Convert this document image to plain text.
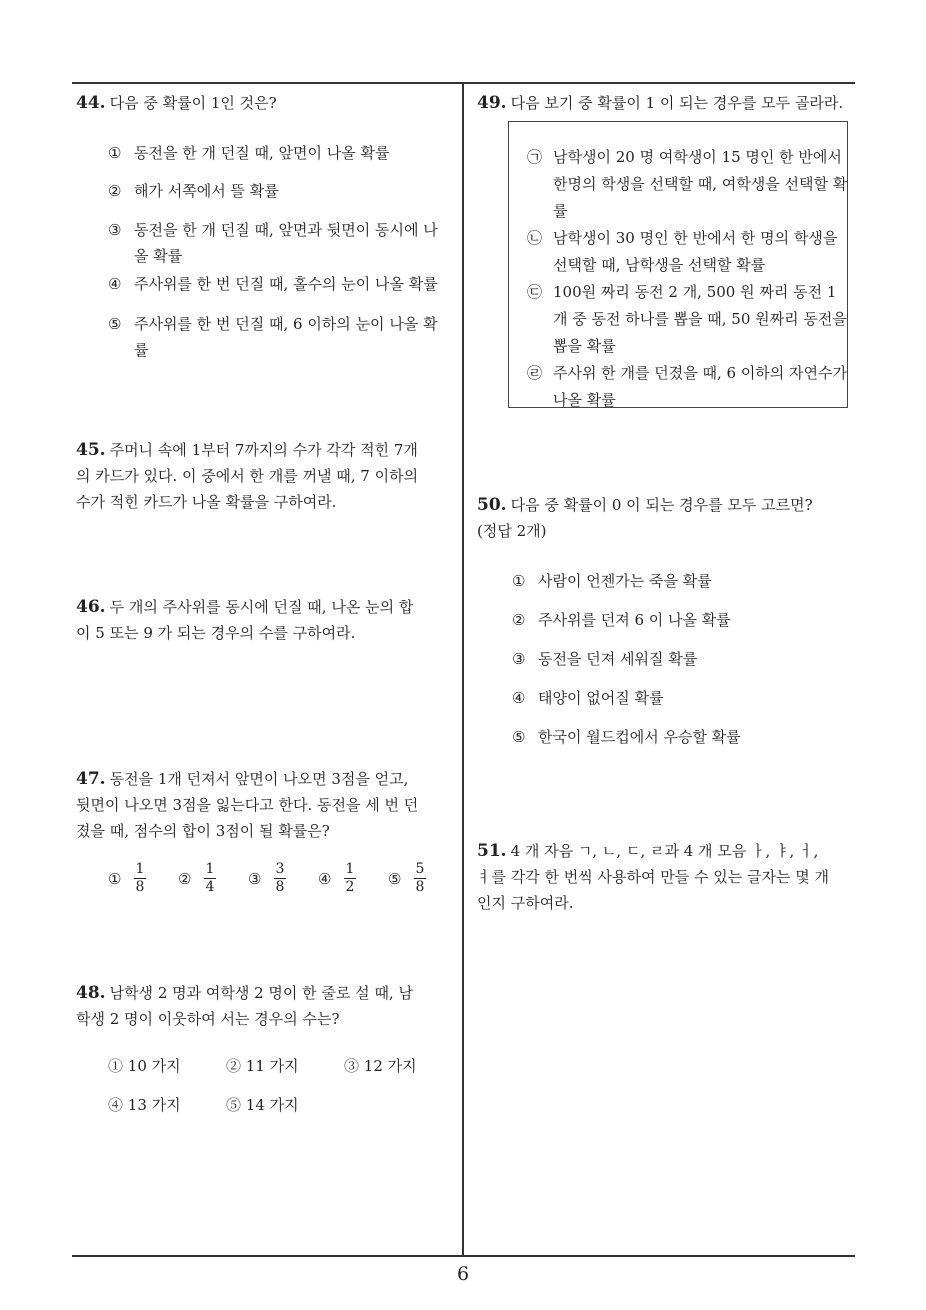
44. 다음 중 확률이 1인 것은?
① 동전을 한 개 던질 때, 앞면이 나올 확률
② 해가 서쪽에서 뜰 확률
③ 동전을 한 개 던질 때, 앞면과 뒷면이 동시에 나올 확률
④ 주사위를 한 번 던질 때, 홀수의 눈이 나올 확률
⑤ 주사위를 한 번 던질 때, 6 이하의 눈이 나올 확률
45. 주머니 속에 1부터 7까지의 수가 각각 적힌 7개의 카드가 있다. 이 중에서 한 개를 꺼낼 때, 7 이하의 수가 적힌 카드가 나올 확률을 구하여라.
46. 두 개의 주사위를 동시에 던질 때, 나온 눈의 합이 5 또는 9 가 되는 경우의 수를 구하여라.
47. 동전을 1개 던져서 앞면이 나오면 3점을 얻고, 뒷면이 나오면 3점을 잃는다고 한다. 동전을 세 번 던졌을 때, 점수의 합이 3점이 될 확률은?
① $\frac{1}{8}$ ② $\frac{1}{4}$ ③ $\frac{3}{8}$ ④ $\frac{1}{2}$ ⑤ $\frac{5}{8}$
48. 남학생 2 명과 여학생 2 명이 한 줄로 설 때, 남학생 2 명이 이웃하여 서는 경우의 수는?
① 10 가지	② 11 가지	③ 12 가지
④ 13 가지	⑤ 14 가지
49. 다음 보기 중 확률이 1 이 되는 경우를 모두 골라라.
㉠ 남학생이 20 명 여학생이 15 명인 한 반에서 한명의 학생을 선택할 때, 여학생을 선택할 확률
㉡ 남학생이 30 명인 한 반에서 한 명의 학생을 선택할 때, 남학생을 선택할 확률
㉢ 100원 짜리 동전 2 개, 500 원 짜리 동전 1 개 중 동전 하나를 뽑을 때, 50 원짜리 동전을 뽑을 확률
㉣ 주사위 한 개를 던졌을 때, 6 이하의 자연수가 나올 확률
50. 다음 중 확률이 0 이 되는 경우를 모두 고르면?(정답 2개)
① 사람이 언젠가는 죽을 확률
② 주사위를 던져 6 이 나올 확률
③ 동전을 던져 세워질 확률
④ 태양이 없어질 확률
⑤ 한국이 월드컵에서 우승할 확률
51. 4 개 자음 ㄱ, ㄴ, ㄷ, ㄹ과 4 개 모음 ㅏ, ㅑ, ㅓ, ㅕ를 각각 한 번씩 사용하여 만들 수 있는 글자는 몇 개인지 구하여라.
6
